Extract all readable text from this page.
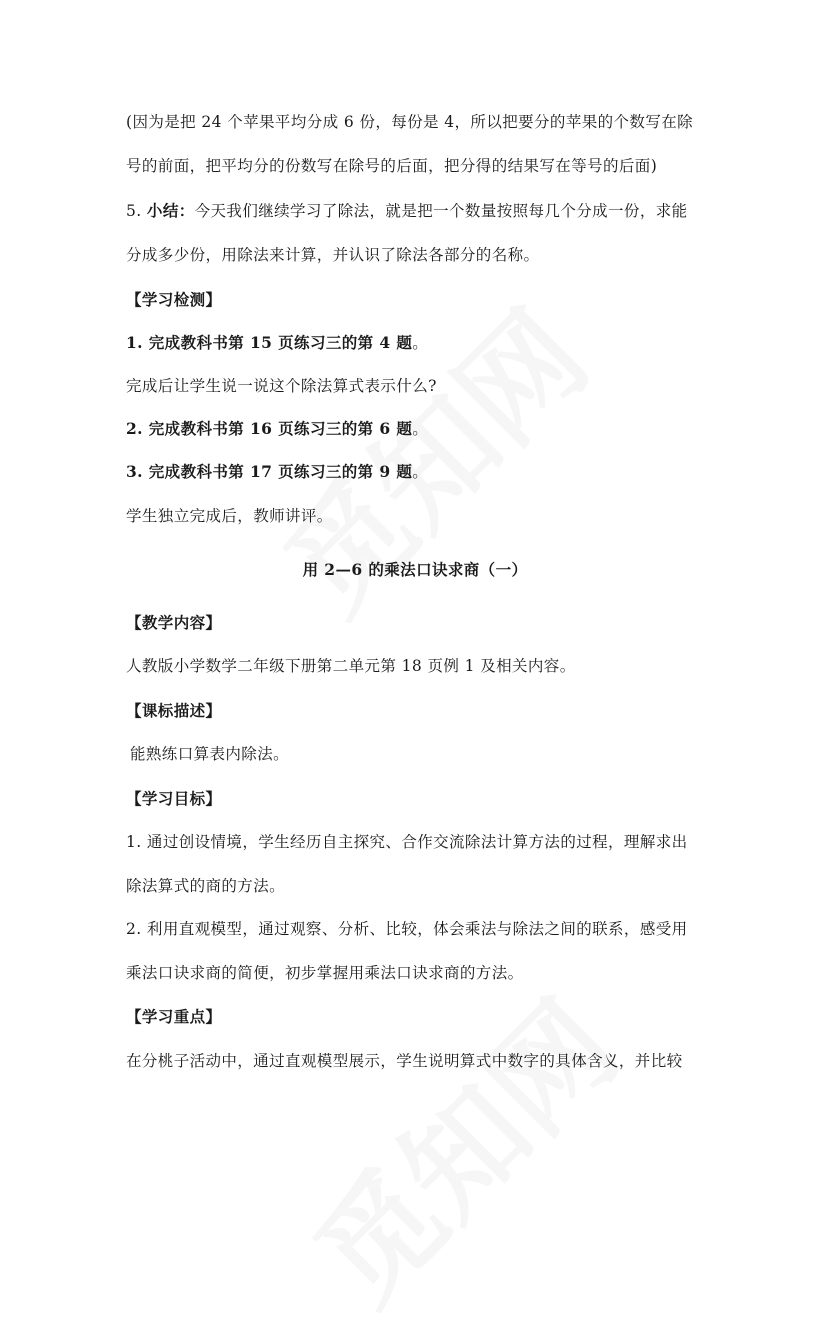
(因为是把 24 个苹果平均分成 6 份，每份是 4，所以把要分的苹果的个数写在除
号的前面，把平均分的份数写在除号的后面，把分得的结果写在等号的后面)
5. 小结：今天我们继续学习了除法，就是把一个数量按照每几个分成一份，求能
分成多少份，用除法来计算，并认识了除法各部分的名称。
【学习检测】
1. 完成教科书第 15 页练习三的第 4 题。
完成后让学生说一说这个除法算式表示什么?
2. 完成教科书第 16 页练习三的第 6 题。
3. 完成教科书第 17 页练习三的第 9 题。
学生独立完成后，教师讲评。
用 2—6 的乘法口诀求商（一）
【教学内容】
人教版小学数学二年级下册第二单元第 18 页例 1 及相关内容。
【课标描述】
能熟练口算表内除法。
【学习目标】
1. 通过创设情境，学生经历自主探究、合作交流除法计算方法的过程，理解求出
除法算式的商的方法。
2. 利用直观模型，通过观察、分析、比较，体会乘法与除法之间的联系，感受用
乘法口诀求商的简便，初步掌握用乘法口诀求商的方法。
【学习重点】
在分桃子活动中，通过直观模型展示，学生说明算式中数字的具体含义，并比较
